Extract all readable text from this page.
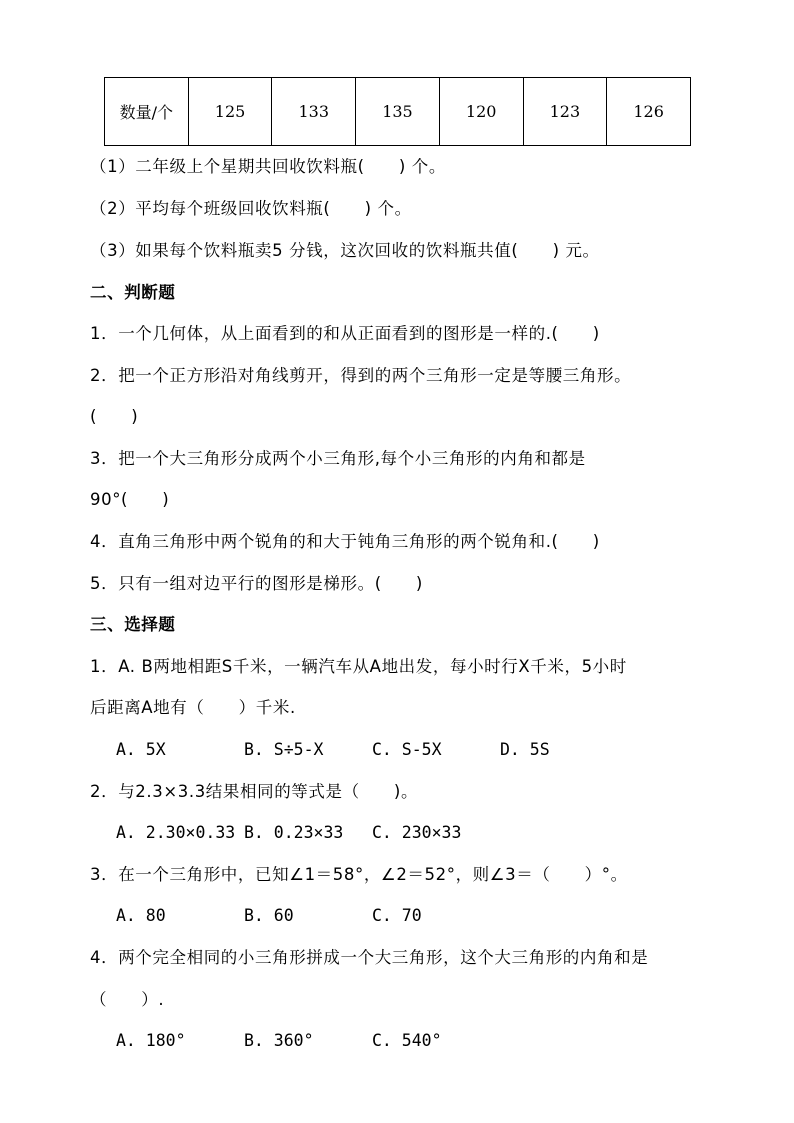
数量/个	125	133	135	120	123	126
（1）二年级上个星期共回收饮料瓶(　　) 个。
（2）平均每个班级回收饮料瓶(　　) 个。
（3）如果每个饮料瓶卖5 分钱，这次回收的饮料瓶共值(　　) 元。
二、判断题
1．一个几何体，从上面看到的和从正面看到的图形是一样的.(　　)
2．把一个正方形沿对角线剪开，得到的两个三角形一定是等腰三角形。
(　　)
3．把一个大三角形分成两个小三角形,每个小三角形的内角和都是
90°(　　)
4．直角三角形中两个锐角的和大于钝角三角形的两个锐角和.(　　)
5．只有一组对边平行的图形是梯形。(　　)
三、选择题
1．A. B两地相距S千米，一辆汽车从A地出发，每小时行X千米，5小时
后距离A地有（　　）千米.
A. 5X	B. S÷5-X	C. S-5X	D. 5S
2．与2.3×3.3结果相同的等式是（　　)。
A. 2.30×0.33 B. 0.23×33 C. 230×33
3．在一个三角形中，已知∠1＝58°，∠2＝52°，则∠3＝（　　）°。
A. 80	B. 60	C. 70
4．两个完全相同的小三角形拼成一个大三角形，这个大三角形的内角和是
（　　）.
A. 180°	B. 360°	C. 540°
